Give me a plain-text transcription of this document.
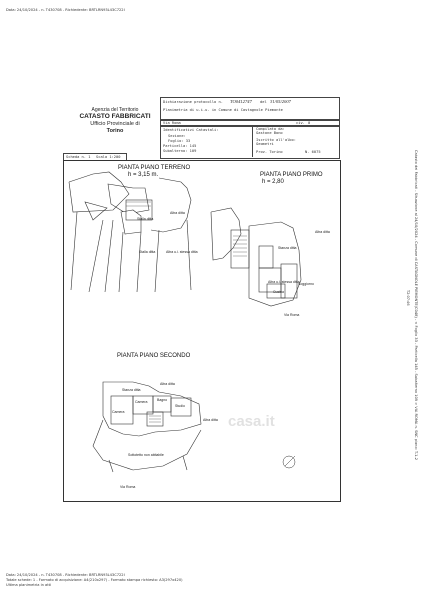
Data: 24/10/2024 - n. T430708 - Richiedente: BRTLRN93L43C722I
Catasto dei Fabbricati - Situazione al 24/10/2024 - Comune di CASTAGNOLE PIEMONTE(C048) - < Foglio 33 - Particella 145 - Subalterno 109 > VIA ROMA n. SNC piano: T-1-2
T2:07:46
Agenzia del Territorio
CATASTO FABBRICATI
Ufficio Provinciale di
Torino
Dichiarazione protocollo n. TO0412747 del 31/05/2007
Planimetria di u.i.u. in Comune di Castagnole Piemonte
Via Roma	civ. 0
Identificativi Catastali:
Sezione:
Foglio: 33
Particella: 145
Subalterno: 109
Compilata da:
Gastone Bono
Iscritto all'albo:
Geometri
Prov. Torino	N. 6075
Scheda n. 1 Scala 1:200
PIANTA PIANO TERRENO
h = 3,15 m.	PIANTA PIANO PRIMO
h = 2,80
PIANTA PIANO SECONDO
Via Roma
Via Roma
Stalla ditta
Altra ditta
Stalla ditta	Altra u.i. stessa ditta
Stanza ditta
Altra ditta
Altra u.i. stessa ditta
Soggiorno
Cucina
Sottotetto non abitabile
Camera
Camera	Bagno
Studio
Altra ditta
Altra ditta
Stanza ditta
casa.it
Data: 24/10/2024 - n. T430708 - Richiedente: BRTLRN93L43C722I
Totale schede: 1 - Formato di acquisizione: A4(210x297) - Formato stampa richiesto: A3(297x420)
Ultima planimetria in atti
